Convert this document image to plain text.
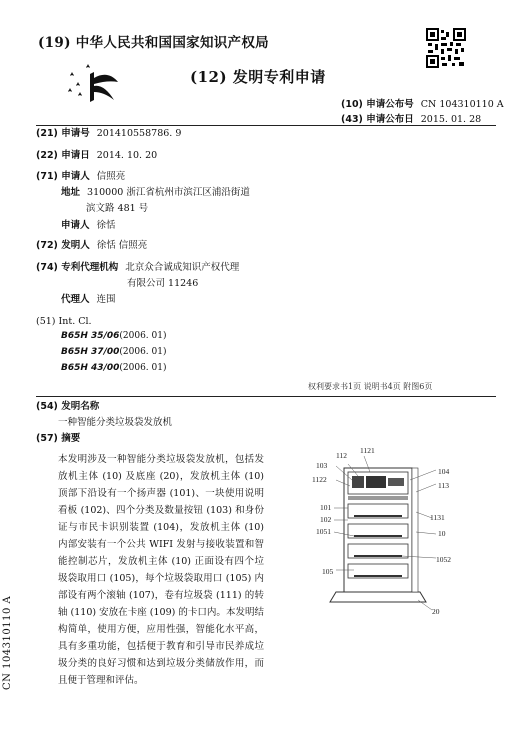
(19) 中华人民共和国国家知识产权局
(12) 发明专利申请
(10) 申请公布号 CN 104310110 A
(43) 申请公布日 2015. 01. 28
(21) 申请号 201410558786. 9
(22) 申请日 2014. 10. 20
(71) 申请人 信照亮
地址 310000 浙江省杭州市滨江区浦沿街道
滨文路 481 号
申请人 徐恬
(72) 发明人 徐恬 信照亮
(74) 专利代理机构 北京众合诚成知识产权代理
有限公司 11246
代理人 连围
(51) Int. Cl.
B65H 35/06(2006. 01)
B65H 37/00(2006. 01)
B65H 43/00(2006. 01)
权利要求书1页 说明书4页 附图6页
(54) 发明名称
一种智能分类垃圾袋发放机
(57) 摘要
本发明涉及一种智能分类垃圾袋发放机，包括发放机主体 (10) 及底座 (20)，发放机主体 (10) 顶部下沿设有一个扬声器 (101)、一块使用说明看板 (102)、四个分类及数量按钮 (103) 和身份证与市民卡识别装置 (104)，发放机主体 (10) 内部安装有一个公共 WIFI 发射与接收装置和智能控制芯片，发放机主体 (10) 正面设有四个垃圾袋取用口 (105)，每个垃圾袋取用口 (105) 内部设有两个滚轴 (107)，卷有垃圾袋 (111) 的转轴 (110) 安放在卡座 (109) 的卡口内。本发明结构简单，使用方便，应用性强，智能化水平高，具有多重功能，包括便于教育和引导市民养成垃圾分类的良好习惯和达到垃圾分类储放作用，而且便于管理和评估。
1121
112
103
1122
104
113
101
102
1051
1131
10
1052
105
20
CN 104310110 A
